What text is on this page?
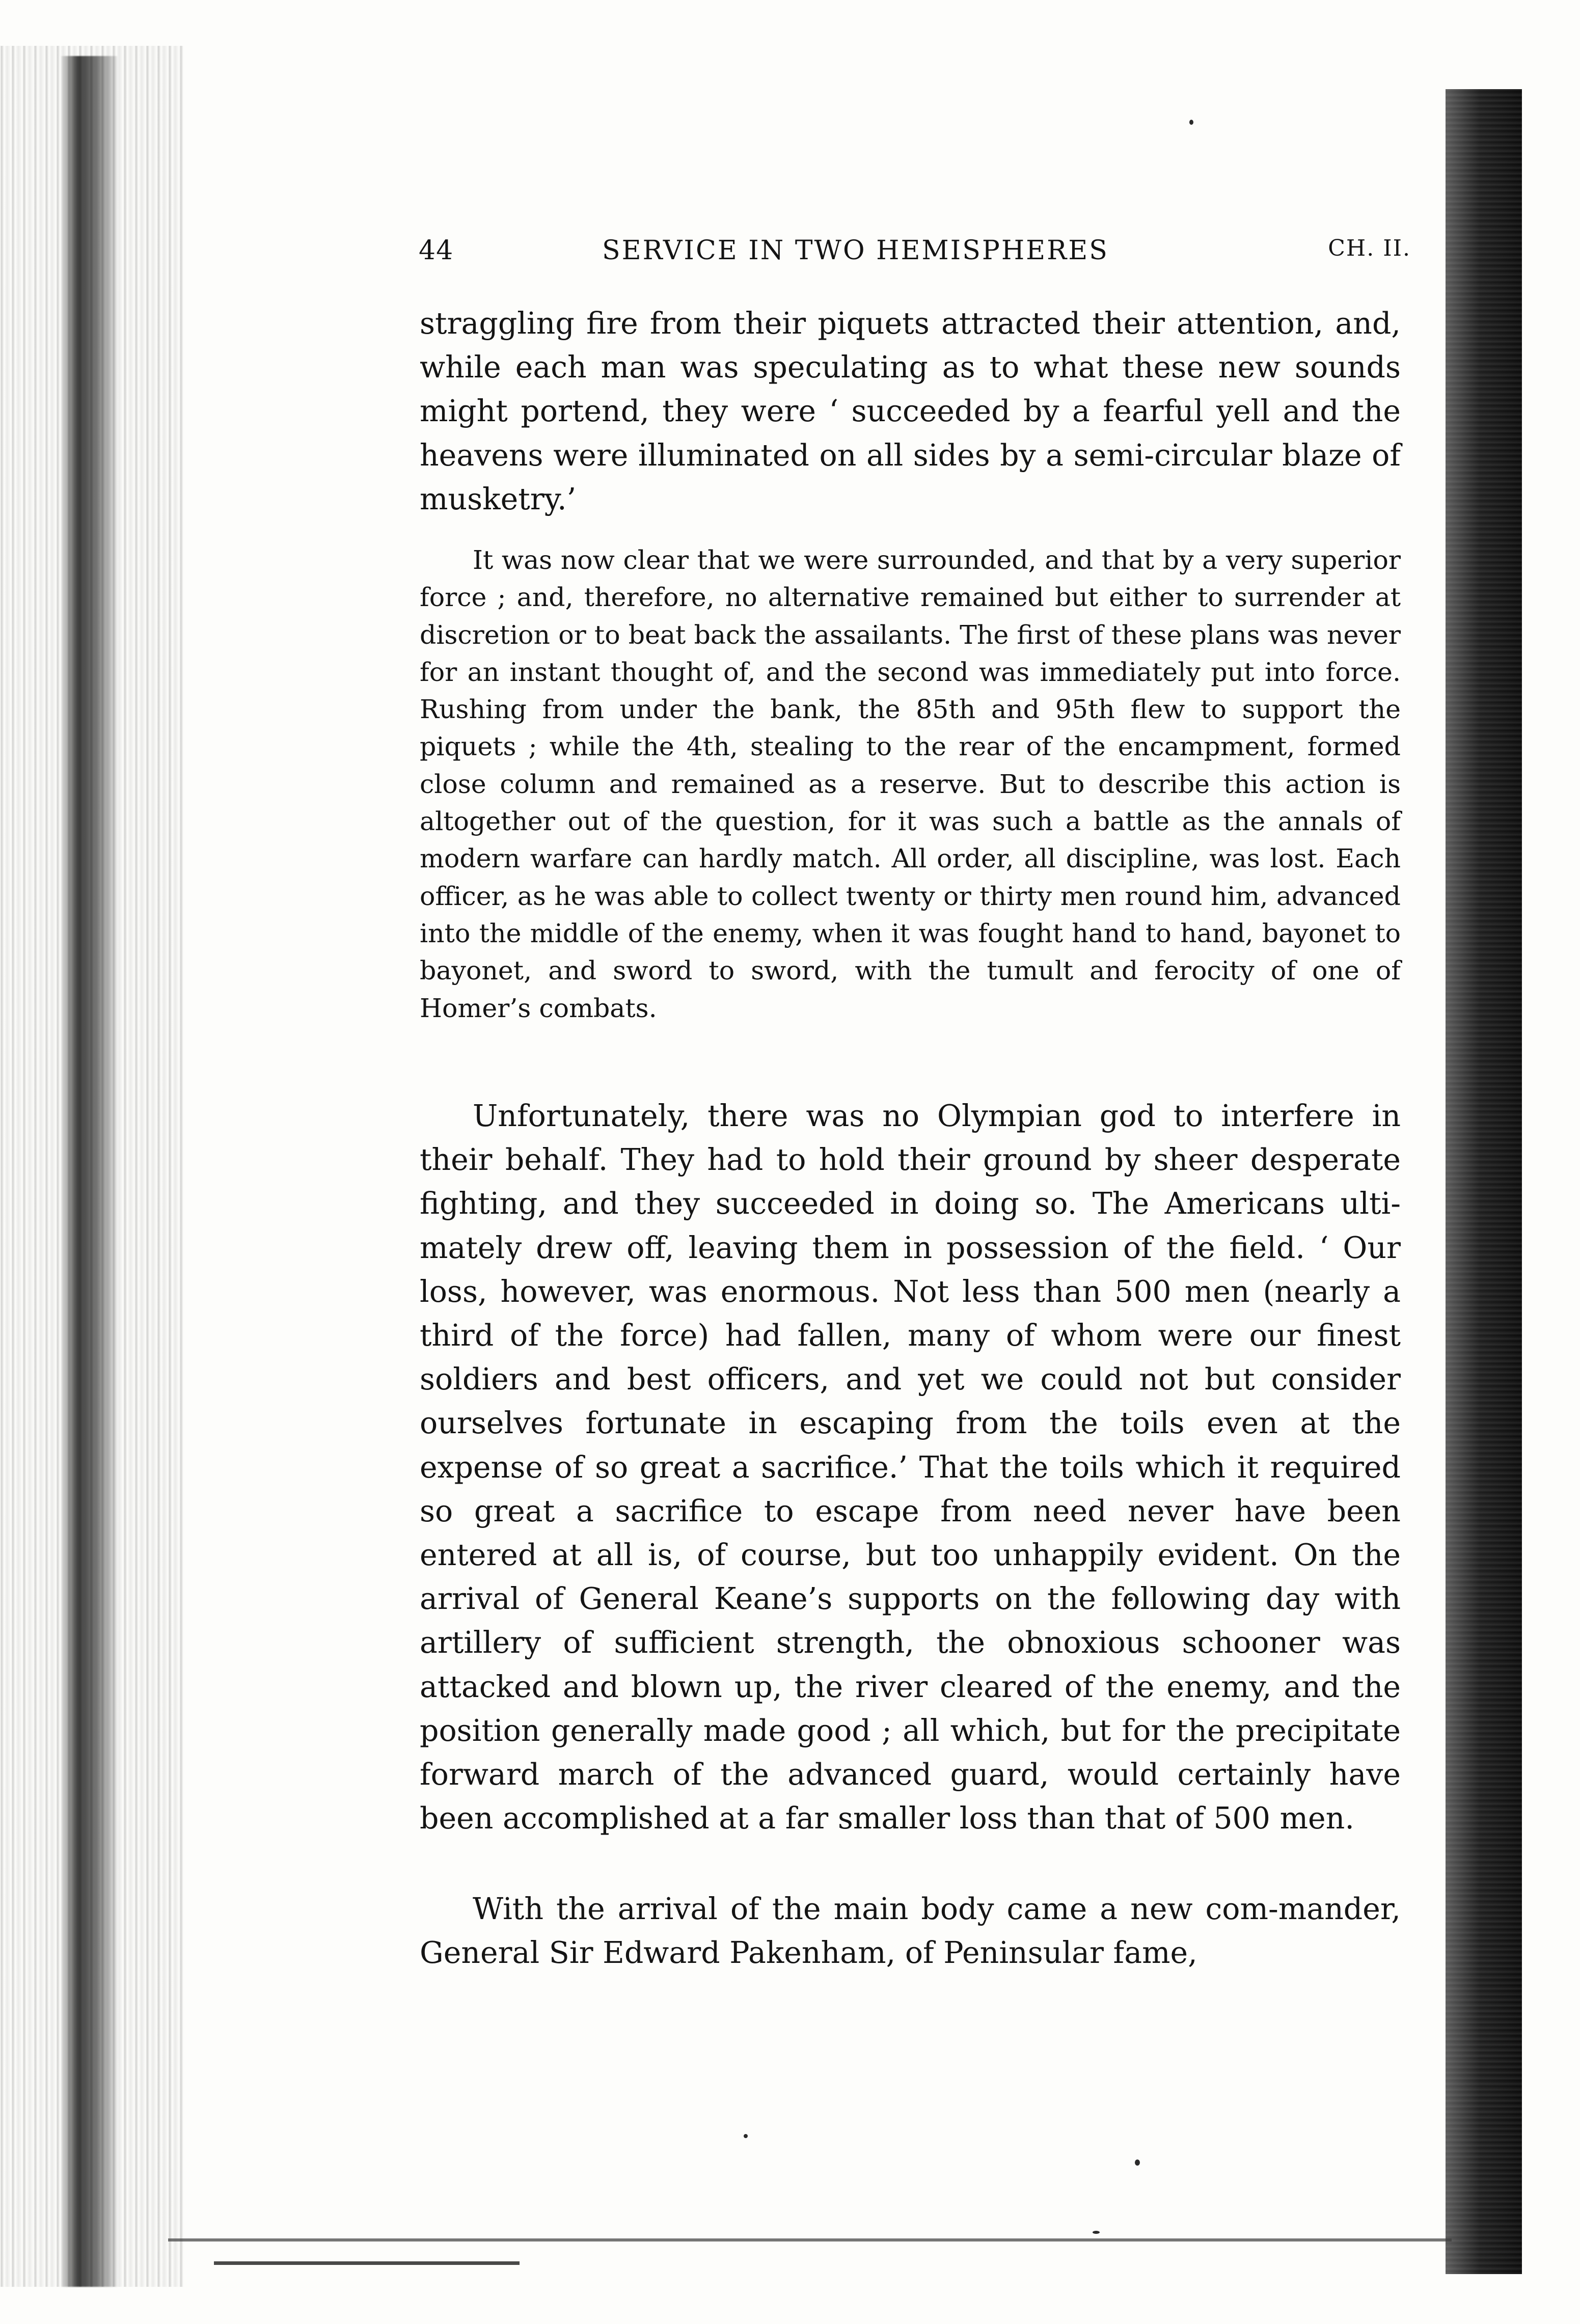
44	SERVICE IN TWO HEMISPHERES	CH. II.

straggling fire from their piquets attracted their attention, and, while each man was speculating as to what these new sounds might portend, they were ‘ succeeded by a fearful yell and the heavens were illuminated on all sides by a semi-circular blaze of musketry.’

It was now clear that we were surrounded, and that by a very superior force ; and, therefore, no alternative remained but either to surrender at discretion or to beat back the assailants. The first of these plans was never for an instant thought of, and the second was immediately put into force. Rushing from under the bank, the 85th and 95th flew to support the piquets ; while the 4th, stealing to the rear of the encampment, formed close column and remained as a reserve. But to describe this action is altogether out of the question, for it was such a battle as the annals of modern warfare can hardly match. All order, all discipline, was lost. Each officer, as he was able to collect twenty or thirty men round him, advanced into the middle of the enemy, when it was fought hand to hand, bayonet to bayonet, and sword to sword, with the tumult and ferocity of one of Homer’s combats.

Unfortunately, there was no Olympian god to interfere in their behalf. They had to hold their ground by sheer desperate fighting, and they succeeded in doing so. The Americans ulti-mately drew off, leaving them in possession of the field. ‘ Our loss, however, was enormous. Not less than 500 men (nearly a third of the force) had fallen, many of whom were our finest soldiers and best officers, and yet we could not but consider ourselves fortunate in escaping from the toils even at the expense of so great a sacrifice.’ That the toils which it required so great a sacrifice to escape from need never have been entered at all is, of course, but too unhappily evident. On the arrival of General Keane’s supports on the following day with artillery of sufficient strength, the obnoxious schooner was attacked and blown up, the river cleared of the enemy, and the position generally made good ; all which, but for the precipitate forward march of the advanced guard, would certainly have been accomplished at a far smaller loss than that of 500 men.

With the arrival of the main body came a new com-mander, General Sir Edward Pakenham, of Peninsular fame,
